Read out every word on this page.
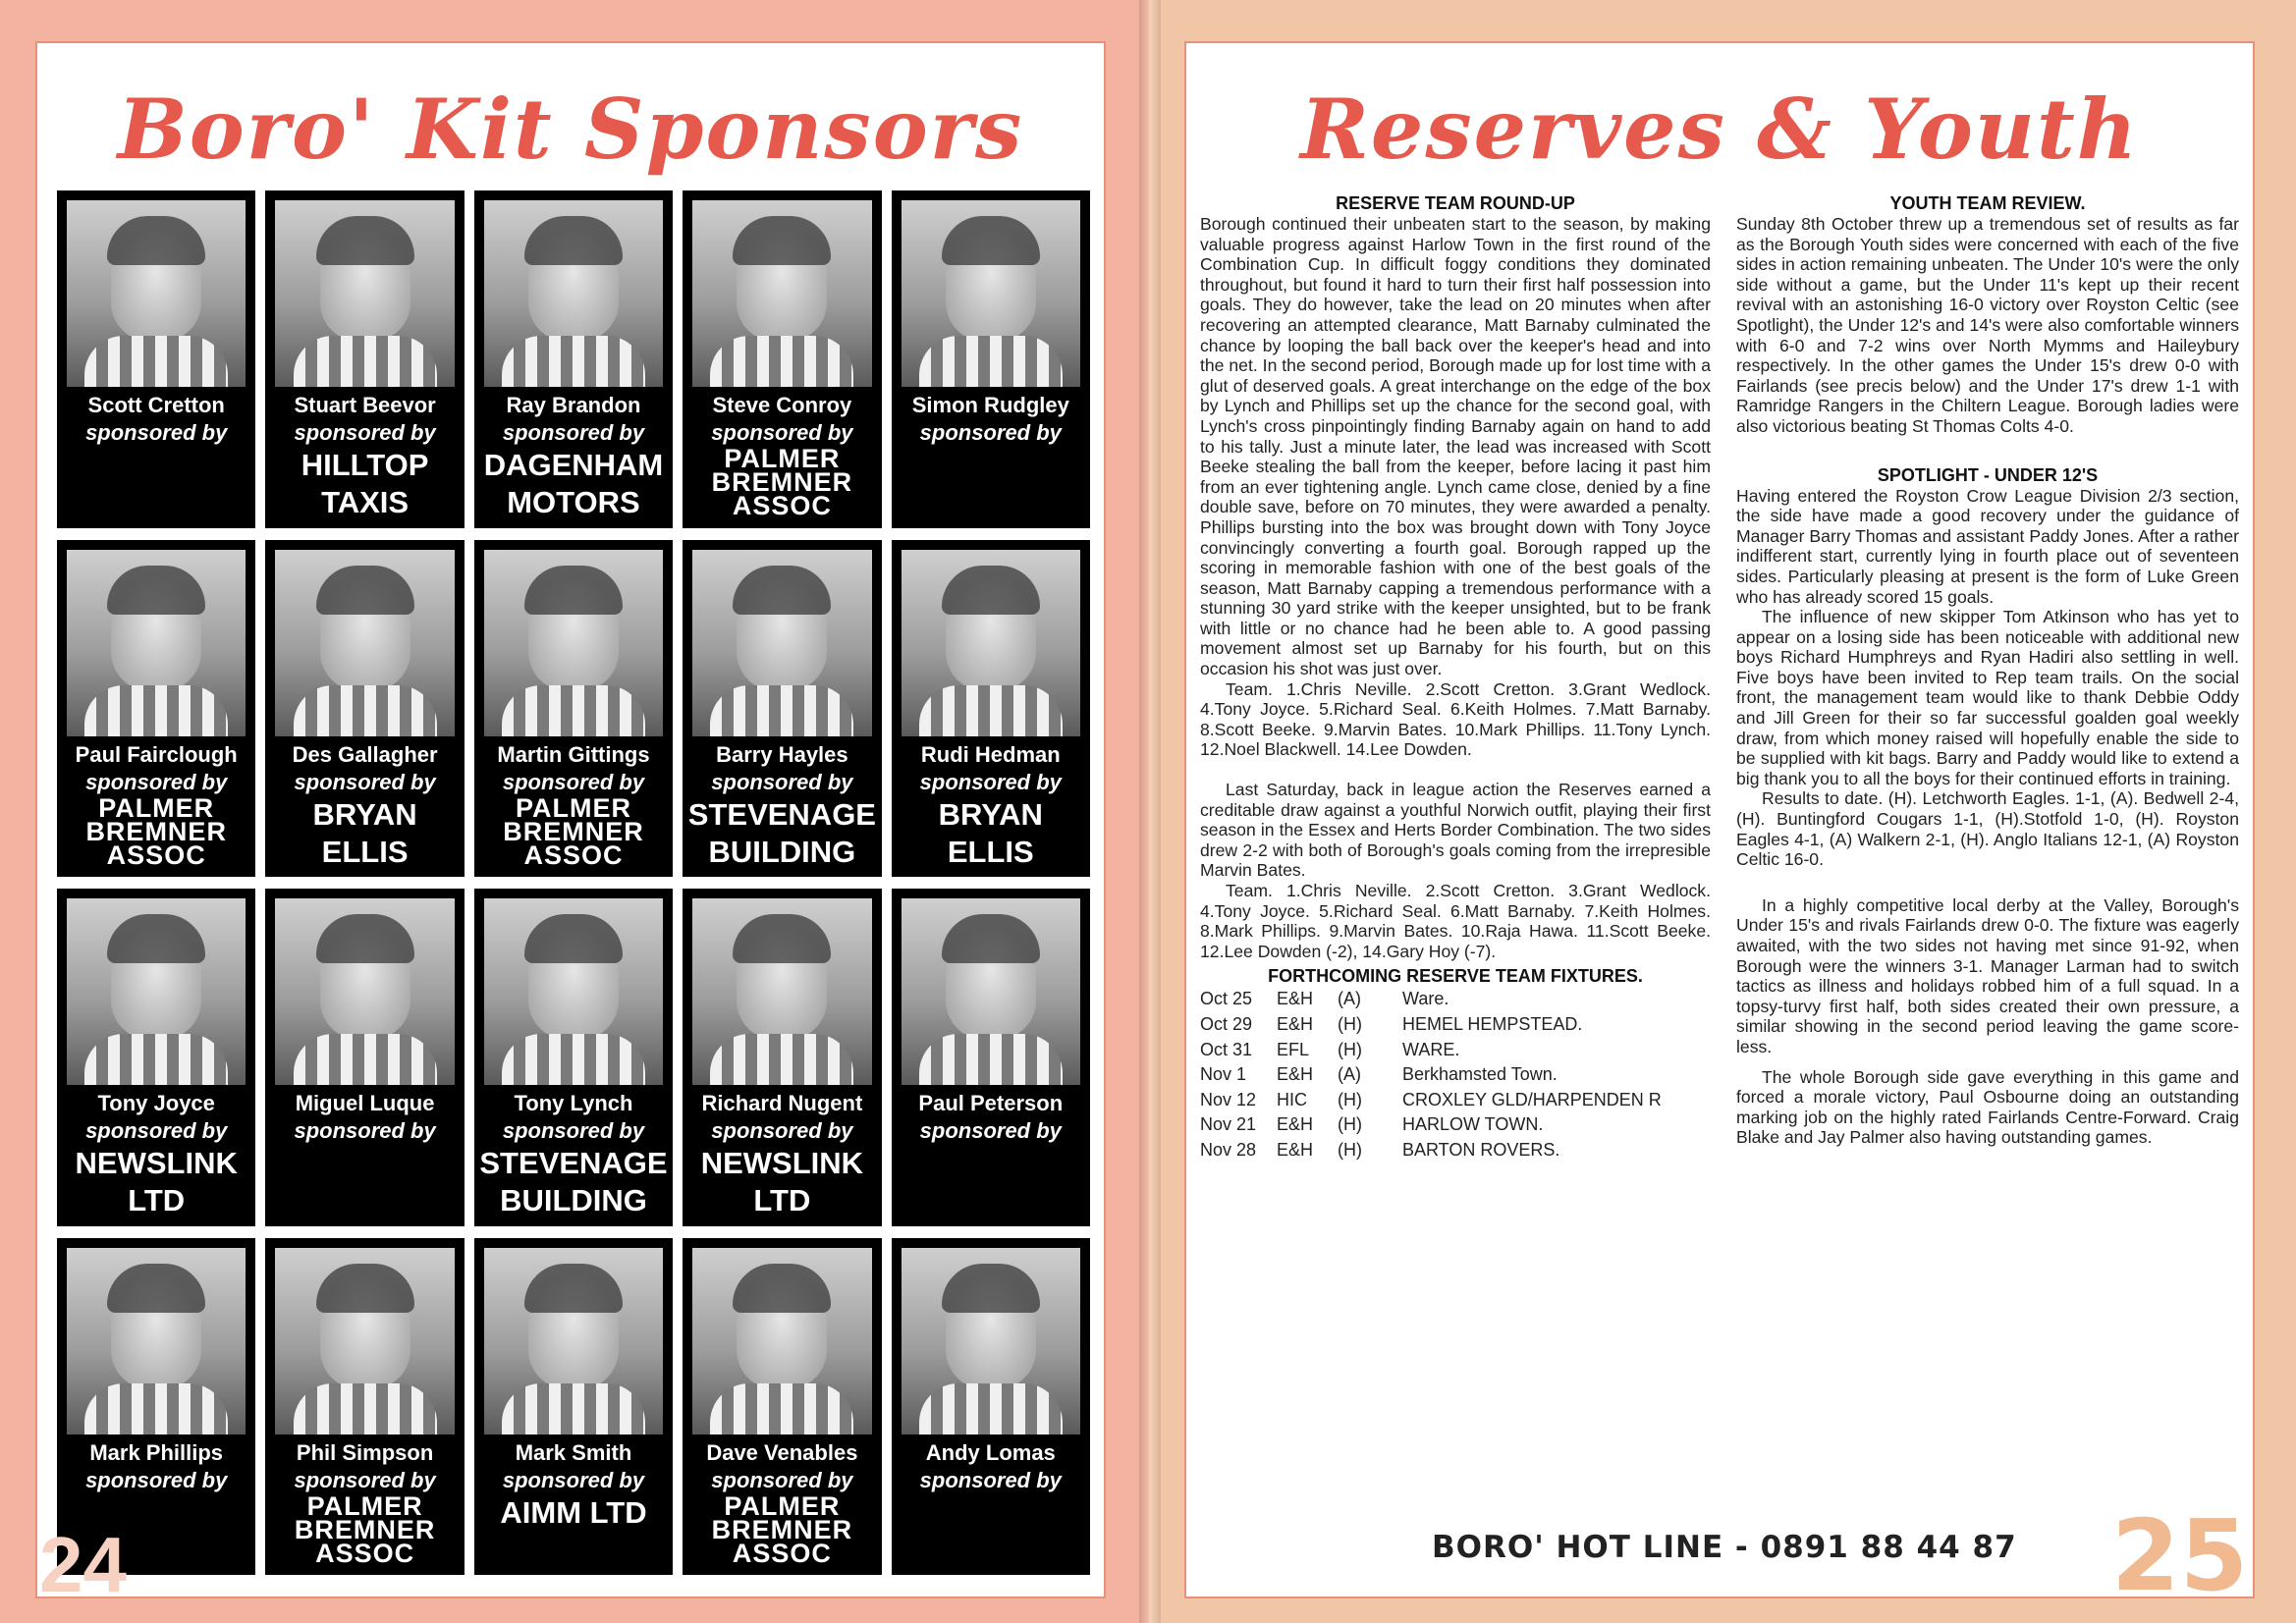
Boro' Kit Sponsors
Scott Cretton
sponsored by
Stuart Beevor
sponsored by
HILLTOP TAXIS
Ray Brandon
sponsored by
DAGENHAM MOTORS
Steve Conroy
sponsored by
PALMER BREMNER ASSOC
Simon Rudgley
sponsored by
Paul Fairclough
sponsored by
PALMER BREMNER ASSOC
Des Gallagher
sponsored by
BRYAN ELLIS
Martin Gittings
sponsored by
PALMER BREMNER ASSOC
Barry Hayles
sponsored by
STEVENAGE BUILDING
Rudi Hedman
sponsored by
BRYAN ELLIS
Tony Joyce
sponsored by
NEWSLINK LTD
Miguel Luque
sponsored by
Tony Lynch
sponsored by
STEVENAGE BUILDING
Richard Nugent
sponsored by
NEWSLINK LTD
Paul Peterson
sponsored by
Mark Phillips
sponsored by
Phil Simpson
sponsored by
PALMER BREMNER ASSOC
Mark Smith
sponsored by
AIMM LTD
Dave Venables
sponsored by
PALMER BREMNER ASSOC
Andy Lomas
sponsored by
24
Reserves & Youth
RESERVE TEAM ROUND-UP

Borough continued their unbeaten start to the season, by making valuable progress against Harlow Town in the first round of the Combination Cup. In difficult foggy conditions they dominated throughout, but found it hard to turn their first half possession into goals. They do however, take the lead on 20 minutes when after recovering an attempted clearance, Matt Barnaby culminated the chance by looping the ball back over the keeper's head and into the net. In the second period, Borough made up for lost time with a glut of deserved goals. A great interchange on the edge of the box by Lynch and Phillips set up the chance for the second goal, with Lynch's cross pinpointingly finding Barnaby again on hand to add to his tally. Just a minute later, the lead was increased with Scott Beeke stealing the ball from the keeper, before lacing it past him from an ever tightening angle. Lynch came close, denied by a fine double save, before on 70 minutes, they were awarded a penalty. Phillips bursting into the box was brought down with Tony Joyce convincingly converting a fourth goal. Borough rapped up the scoring in memorable fashion with one of the best goals of the season, Matt Barnaby capping a tremendous performance with a stunning 30 yard strike with the keeper unsighted, but to be frank with little or no chance had he been able to. A good passing movement almost set up Barnaby for his fourth, but on this occasion his shot was just over.

Team. 1.Chris Neville. 2.Scott Cretton. 3.Grant Wedlock. 4.Tony Joyce. 5.Richard Seal. 6.Keith Holmes. 7.Matt Barnaby. 8.Scott Beeke. 9.Marvin Bates. 10.Mark Phillips. 11.Tony Lynch. 12.Noel Blackwell. 14.Lee Dowden.

Last Saturday, back in league action the Reserves earned a creditable draw against a youthful Norwich outfit, playing their first season in the Essex and Herts Border Combination. The two sides drew 2-2 with both of Borough's goals coming from the irrepresible Marvin Bates.

Team. 1.Chris Neville. 2.Scott Cretton. 3.Grant Wedlock. 4.Tony Joyce. 5.Richard Seal. 6.Matt Barnaby. 7.Keith Holmes. 8.Mark Phillips. 9.Marvin Bates. 10.Raja Hawa. 11.Scott Beeke. 12.Lee Dowden (-2), 14.Gary Hoy (-7).

FORTHCOMING RESERVE TEAM FIXTURES.
Oct 25	E&H	(A)	Ware.
Oct 29	E&H	(H)	HEMEL HEMPSTEAD.
Oct 31	EFL	(H)	WARE.
Nov 1	E&H	(A)	Berkhamsted Town.
Nov 12	HIC	(H)	CROXLEY GLD/HARPENDEN R
Nov 21	E&H	(H)	HARLOW TOWN.
Nov 28	E&H	(H)	BARTON ROVERS.
YOUTH TEAM REVIEW.

Sunday 8th October threw up a tremendous set of results as far as the Borough Youth sides were concerned with each of the five sides in action remaining unbeaten. The Under 10's were the only side without a game, but the Under 11's kept up their recent revival with an astonishing 16-0 victory over Royston Celtic (see Spotlight), the Under 12's and 14's were also comfortable winners with 6-0 and 7-2 wins over North Mymms and Haileybury respectively. In the other games the Under 15's drew 0-0 with Fairlands (see precis below) and the Under 17's drew 1-1 with Ramridge Rangers in the Chiltern League. Borough ladies were also victorious beating St Thomas Colts 4-0.

SPOTLIGHT - UNDER 12'S

Having entered the Royston Crow League Division 2/3 section, the side have made a good recovery under the guidance of Manager Barry Thomas and assistant Paddy Jones. After a rather indifferent start, currently lying in fourth place out of seventeen sides. Particularly pleasing at present is the form of Luke Green who has already scored 15 goals.

The influence of new skipper Tom Atkinson who has yet to appear on a losing side has been noticeable with additional new boys Richard Humphreys and Ryan Hadiri also settling in well. Five boys have been invited to Rep team trails. On the social front, the management team would like to thank Debbie Oddy and Jill Green for their so far successful goalden goal weekly draw, from which money raised will hopefully enable the side to be supplied with kit bags. Barry and Paddy would like to extend a big thank you to all the boys for their continued efforts in training.

Results to date. (H). Letchworth Eagles. 1-1, (A). Bedwell 2-4, (H). Buntingford Cougars 1-1, (H).Stotfold 1-0, (H). Royston Eagles 4-1, (A) Walkern 2-1, (H). Anglo Italians 12-1, (A) Royston Celtic 16-0.

In a highly competitive local derby at the Valley, Borough's Under 15's and rivals Fairlands drew 0-0. The fixture was eagerly awaited, with the two sides not having met since 91-92, when Borough were the winners 3-1. Manager Larman had to switch tactics as illness and holidays robbed him of a full squad. In a topsy-turvy first half, both sides created their own pressure, a similar showing in the second period leaving the game score-less.

The whole Borough side gave everything in this game and forced a morale victory, Paul Osbourne doing an outstanding marking job on the highly rated Fairlands Centre-Forward. Craig Blake and Jay Palmer also having outstanding games.

BORO' HOT LINE - 0891 88 44 87 25
